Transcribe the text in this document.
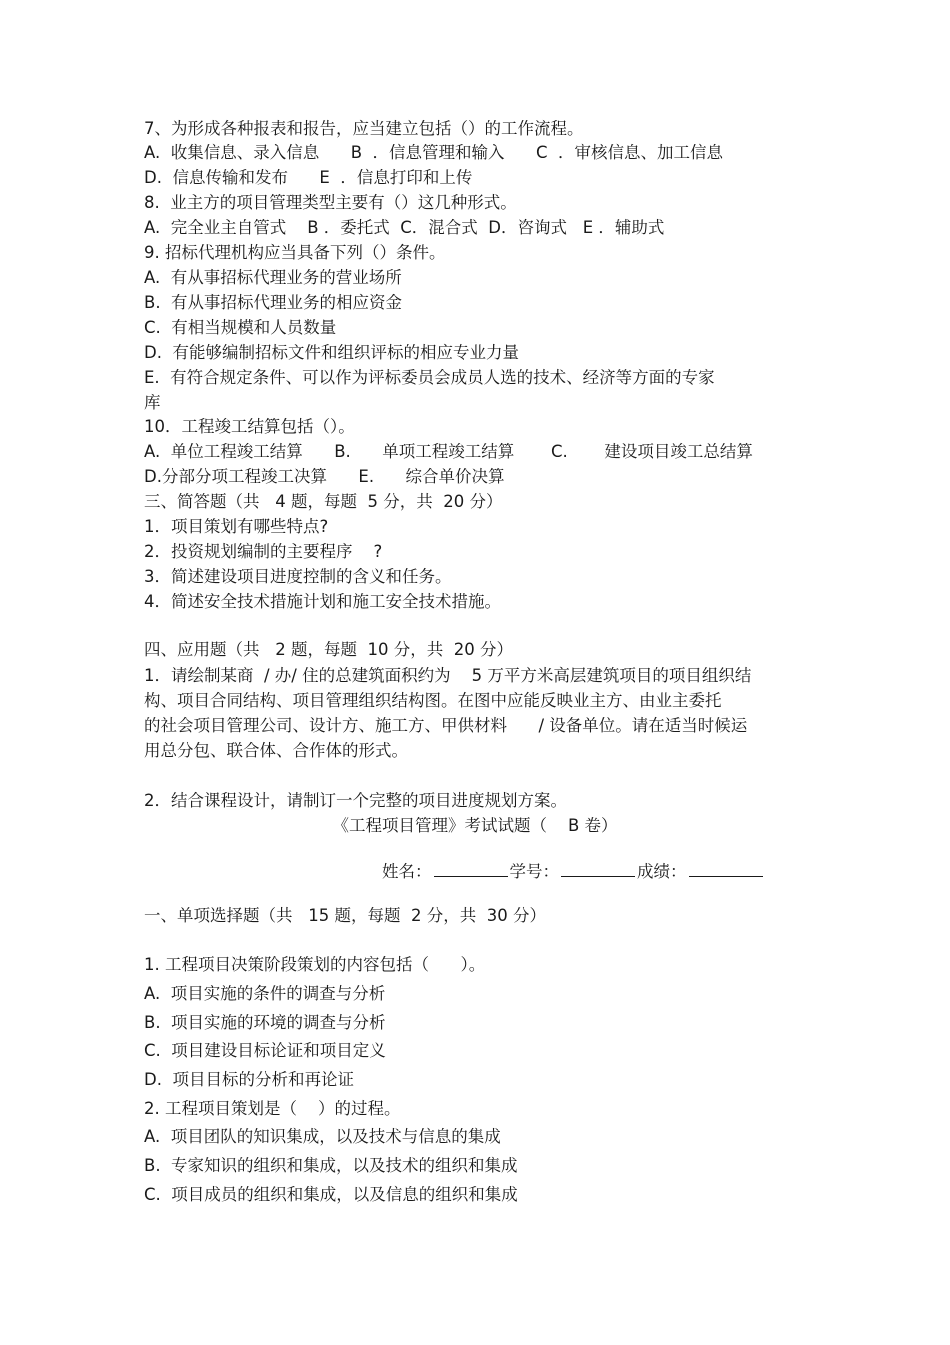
7、为形成各种报表和报告，应当建立包括（）的工作流程。
A.  收集信息、录入信息      B  ．信息管理和输入      C  ．审核信息、加工信息
D.  信息传输和发布      E  ．信息打印和上传
8.  业主方的项目管理类型主要有（）这几种形式。
A.  完全业主自管式    B ．委托式  C．混合式  D．咨询式   E ．辅助式
9. 招标代理机构应当具备下列（）条件。
A.  有从事招标代理业务的营业场所
B.  有从事招标代理业务的相应资金
C.  有相当规模和人员数量
D.  有能够编制招标文件和组织评标的相应专业力量
E.  有符合规定条件、可以作为评标委员会成员人选的技术、经济等方面的专家
库
10．工程竣工结算包括（）。
A.  单位工程竣工结算      B.      单项工程竣工结算       C.       建设项目竣工总结算
D.分部分项工程竣工决算      E.      综合单价决算
三、简答题（共   4 题，每题  5 分，共  20 分）
1．项目策划有哪些特点?
2．投资规划编制的主要程序    ?
3．简述建设项目进度控制的含义和任务。
4．简述安全技术措施计划和施工安全技术措施。
四、应用题（共   2 题，每题  10 分，共  20 分）
1．请绘制某商  / 办/ 住的总建筑面积约为    5 万平方米高层建筑项目的项目组织结
构、项目合同结构、项目管理组织结构图。在图中应能反映业主方、由业主委托
的社会项目管理公司、设计方、施工方、甲供材料      / 设备单位。请在适当时候运
用总分包、联合体、合作体的形式。
2．结合课程设计，请制订一个完整的项目进度规划方案。
《工程项目管理》考试试题（    B 卷）
姓名：	学号：	成绩：
一、单项选择题（共   15 题，每题  2 分，共  30 分）
1. 工程项目决策阶段策划的内容包括（      ）。
A.  项目实施的条件的调查与分析
B.  项目实施的环境的调查与分析
C.  项目建设目标论证和项目定义
D.  项目目标的分析和再论证
2. 工程项目策划是（    ）的过程。
A.  项目团队的知识集成，以及技术与信息的集成
B.  专家知识的组织和集成，以及技术的组织和集成
C.  项目成员的组织和集成，以及信息的组织和集成
